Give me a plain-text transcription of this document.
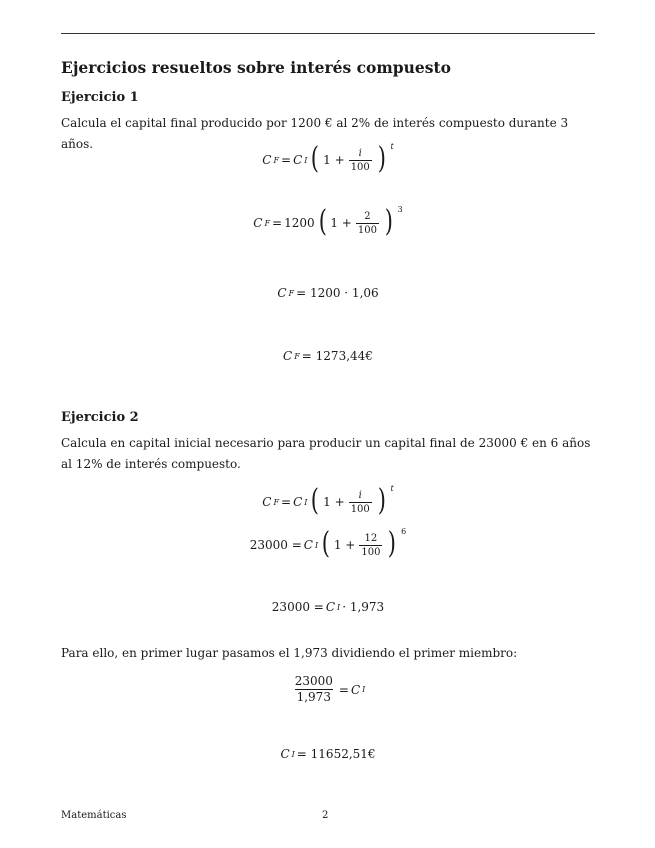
Ejercicios resueltos sobre interés compuesto
Ejercicio 1
Calcula el capital final producido por 1200 € al 2% de interés compuesto durante 3 años.
C F = C I ( $1 + \frac{i}{100}$ ) t
C F = 1200 ( $1 + \frac{2}{100}$ ) 3
C F = 1200 · 1,06
C F = 1273,44€
Ejercicio 2
Calcula en capital inicial necesario para producir un capital final de 23000 € en 6 años al 12% de interés compuesto.
C F = C I ( $1 + \frac{i}{100}$ ) t
23000 = C I ( $1 + \frac{12}{100}$ ) 6
23000 = C I · 1,973
Para ello, en primer lugar pasamos el 1,973 dividiendo el primer miembro:
$\frac{23000}{1,973} = C$ I
C I = 11652,51€
Matemáticas	2
